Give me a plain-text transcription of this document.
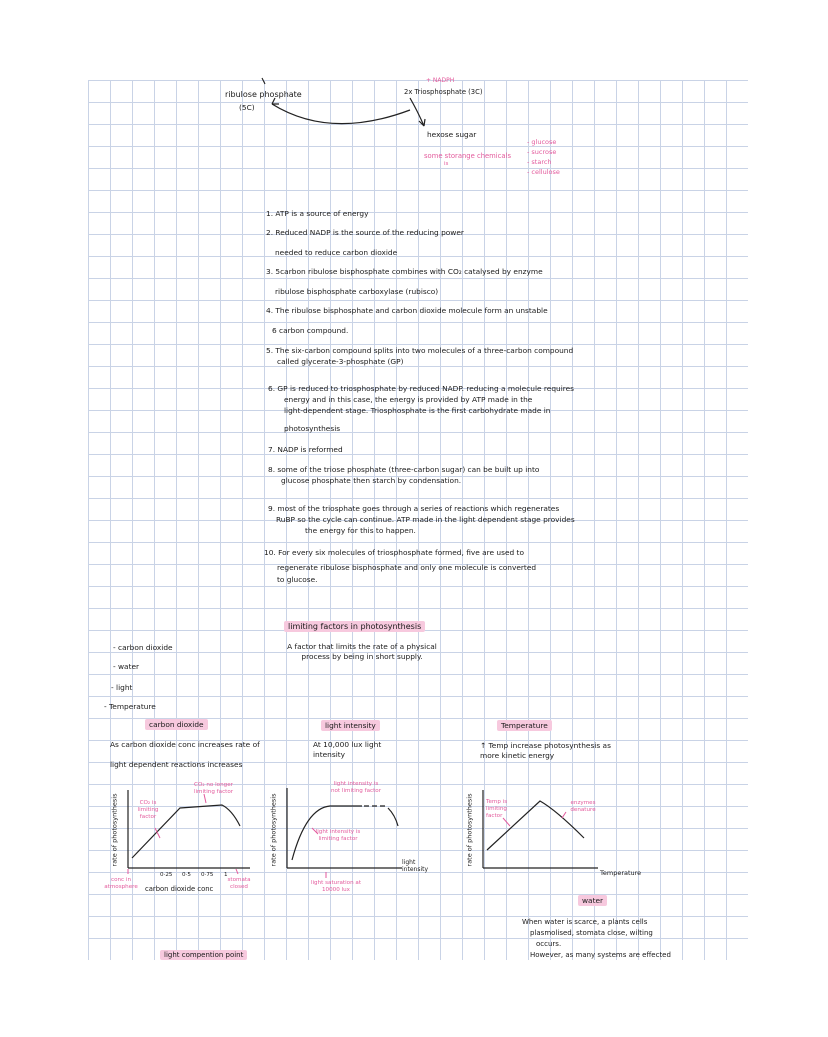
ribulose phosphate
(5C)
+ NADPH
2x Triosphosphate (3C)
hexose sugar
some storange chemicals
is
- glucose
- sucrose
- starch
- cellulose
1. ATP is a source of energy
2. Reduced NADP is the source of the reducing power
needed to reduce carbon dioxide
3. 5carbon ribulose bisphosphate combines with CO₂ catalysed by enzyme
ribulose bisphosphate carboxylase (rubisco)
4. The ribulose bisphosphate and carbon dioxide molecule form an unstable
6 carbon compound.
5. The six-carbon compound splits into two molecules of a three-carbon compound
called glycerate-3-phosphate (GP)
6. GP is reduced to triosphosphate by reduced NADP. reducing a molecule requires
energy and in this case, the energy is provided by ATP made in the
light-dependent stage. Triosphosphate is the first carbohydrate made in
photosynthesis
7. NADP is reformed
8. some of the triose phosphate (three-carbon sugar) can be built up into
glucose phosphate then starch by condensation.
9. most of the triosphate goes through a series of reactions which regenerates
RuBP so the cycle can continue. ATP made in the light dependent stage provides
the energy for this to happen.
10. For every six molecules of triosphosphate formed, five are used to
regenerate ribulose bisphosphate and only one molecule is converted
to glucose.
limiting factors in photosynthesis
A factor that limits the rate of a physical process by being in short supply.
- carbon dioxide
- water
- light
- Temperature
carbon dioxide
As carbon dioxide conc increases rate of
light dependent reactions increases
rate of photosynthesis	CO₂ is limiting factor
CO₂ no longer limiting factor
0·25 0·5 0·75 1
conc in atmosphere	carbon dioxide conc
stomata closed
light intensity
At 10,000 lux light intensity
rate of photosynthesis
light intensity is not limiting factor
light intensity is limiting factor
light intensity
light saturation at 10000 lux
Temperature
↑ Temp increase photosynthesis as more kinetic energy
rate of photosynthesis Temp is limiting factor
enzymes denature
Temperature
water
When water is scarce, a plants cells
plasmolised, stomata close, wilting
occurs.
However, as many systems are effected
light compention point
